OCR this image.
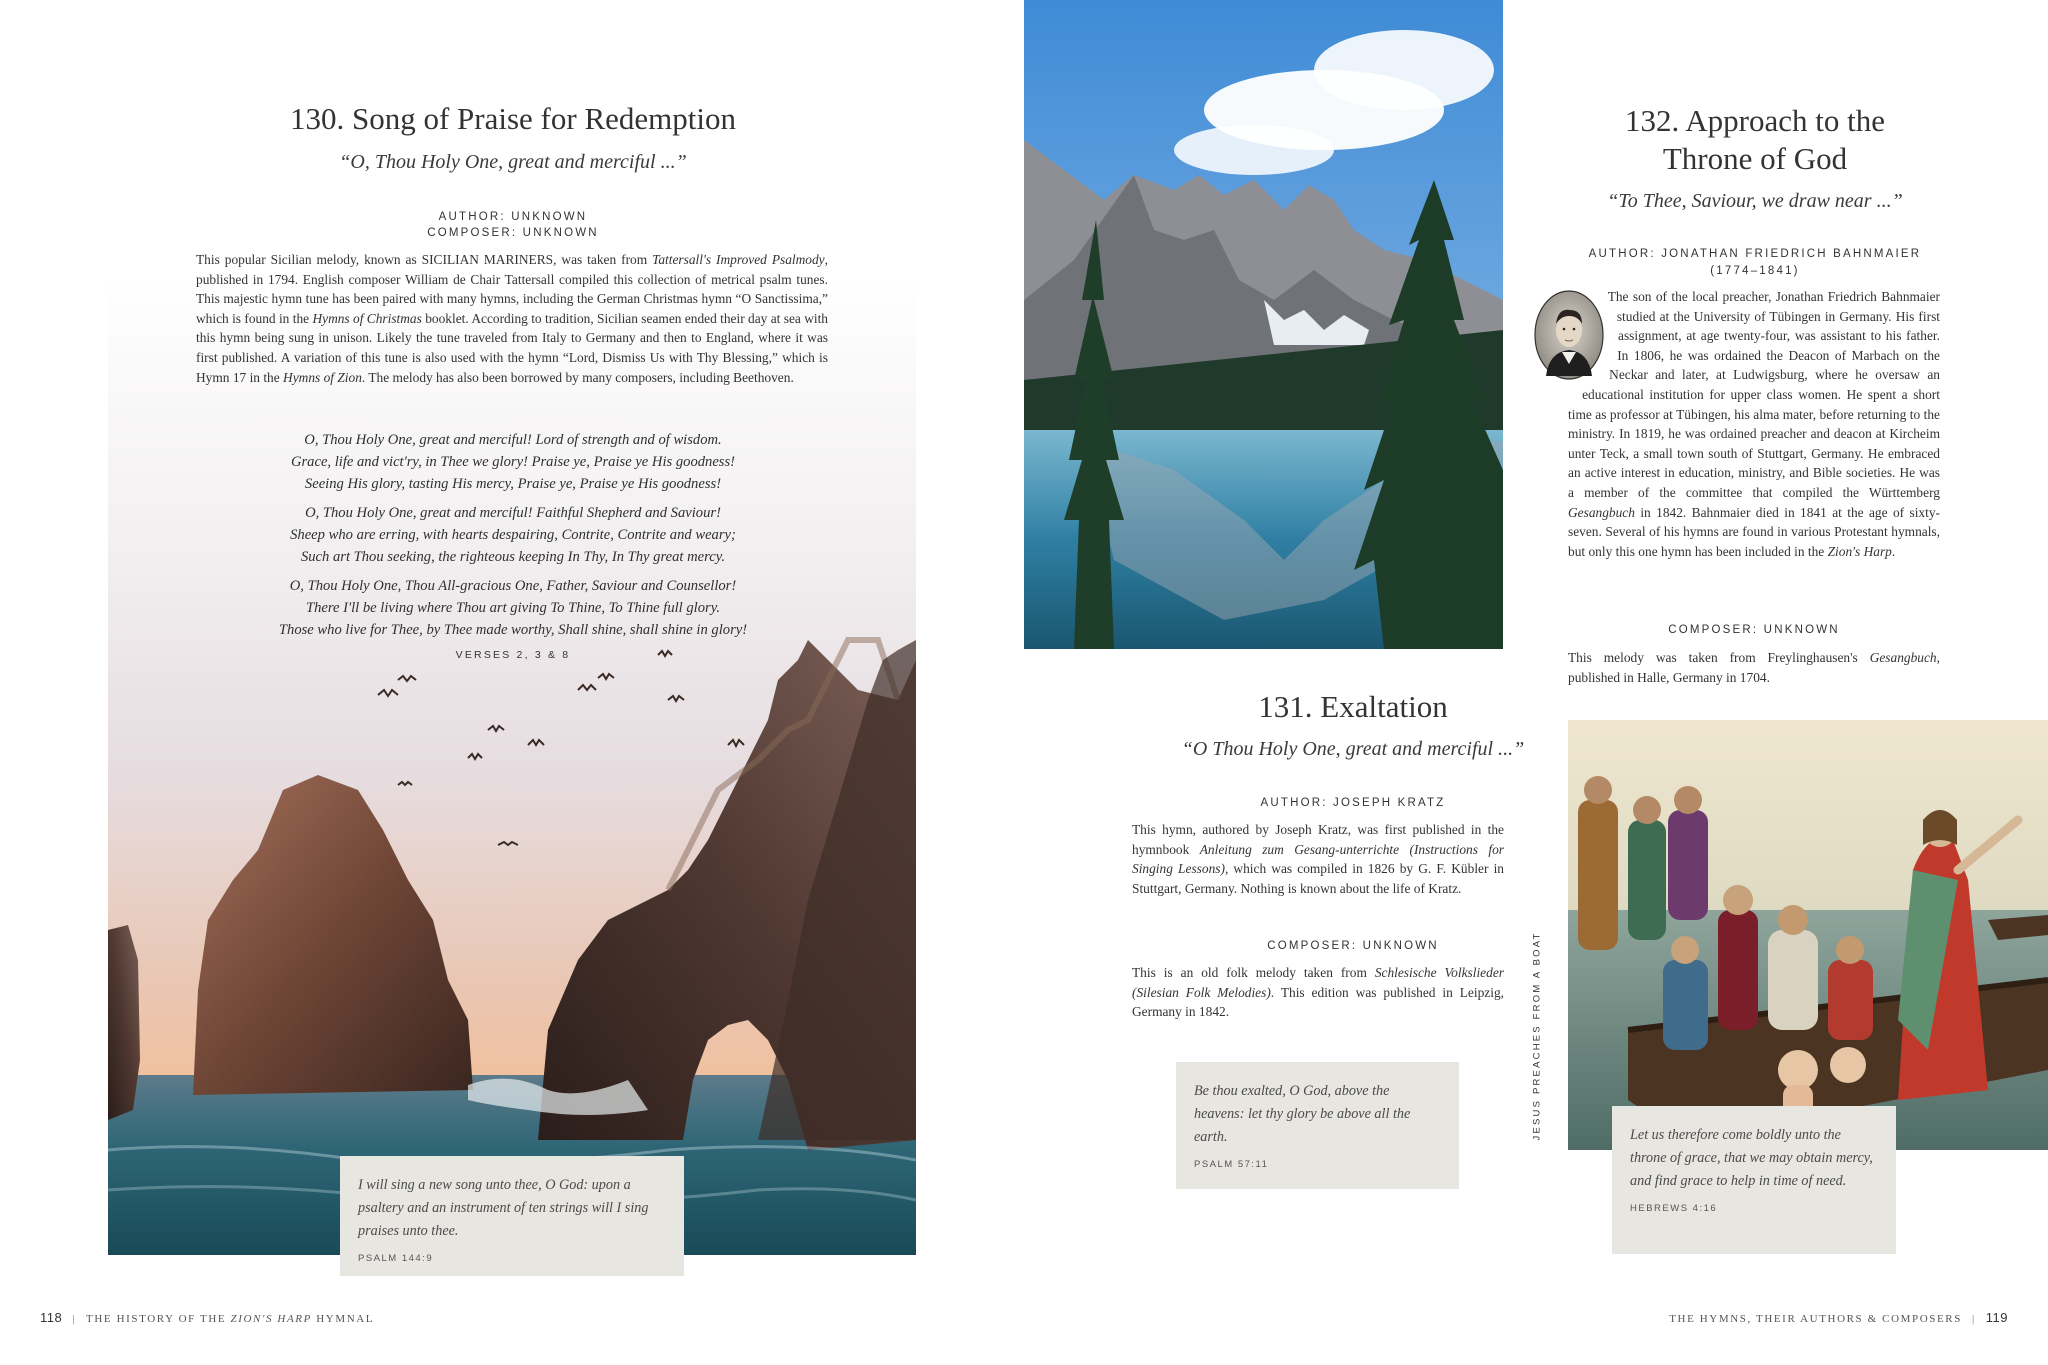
130. Song of Praise for Redemption
“O, Thou Holy One, great and merciful ...”
AUTHOR: UNKNOWN
COMPOSER: UNKNOWN
This popular Sicilian melody, known as SICILIAN MARINERS, was taken from Tattersall's Improved Psalmody, published in 1794. English composer William de Chair Tattersall compiled this collection of metrical psalm tunes. This majestic hymn tune has been paired with many hymns, including the German Christmas hymn “O Sanctissima,” which is found in the Hymns of Christmas booklet. According to tradition, Sicilian seamen ended their day at sea with this hymn being sung in unison. Likely the tune traveled from Italy to Germany and then to England, where it was first published. A variation of this tune is also used with the hymn “Lord, Dismiss Us with Thy Blessing,” which is Hymn 17 in the Hymns of Zion. The melody has also been borrowed by many composers, including Beethoven.
O, Thou Holy One, great and merciful! Lord of strength and of wisdom.
Grace, life and vict'ry, in Thee we glory! Praise ye, Praise ye His goodness!
Seeing His glory, tasting His mercy, Praise ye, Praise ye His goodness!
O, Thou Holy One, great and merciful! Faithful Shepherd and Saviour!
Sheep who are erring, with hearts despairing, Contrite, Contrite and weary;
Such art Thou seeking, the righteous keeping In Thy, In Thy great mercy.
O, Thou Holy One, Thou All-gracious One, Father, Saviour and Counsellor!
There I'll be living where Thou art giving To Thine, To Thine full glory.
Those who live for Thee, by Thee made worthy, Shall shine, shall shine in glory!
VERSES 2, 3 & 8
I will sing a new song unto thee, O God: upon a psaltery and an instrument of ten strings will I sing praises unto thee.
PSALM 144:9
118 | THE HISTORY OF THE ZION'S HARP HYMNAL
131. Exaltation
“O Thou Holy One, great and merciful ...”
AUTHOR: JOSEPH KRATZ
This hymn, authored by Joseph Kratz, was first published in the hymnbook Anleitung zum Gesang-unterrichte (Instructions for Singing Lessons), which was compiled in 1826 by G. F. Kübler in Stuttgart, Germany. Nothing is known about the life of Kratz.
COMPOSER: UNKNOWN
This is an old folk melody taken from Schlesische Volkslieder (Silesian Folk Melodies). This edition was published in Leipzig, Germany in 1842.
Be thou exalted, O God, above the heavens: let thy glory be above all the earth.
PSALM 57:11
132. Approach to the
Throne of God
“To Thee, Saviour, we draw near ...”
AUTHOR: JONATHAN FRIEDRICH BAHNMAIER
(1774–1841)
The son of the local preacher, Jonathan Friedrich Bahnmaier studied at the University of Tübingen in Germany. His first assignment, at age twenty-four, was assistant to his father. In 1806, he was ordained the Deacon of Marbach on the Neckar and later, at Ludwigsburg, where he oversaw an educational institution for upper class women. He spent a short time as professor at Tübingen, his alma mater, before returning to the ministry. In 1819, he was ordained preacher and deacon at Kircheim unter Teck, a small town south of Stuttgart, Germany. He embraced an active interest in education, ministry, and Bible societies. He was a member of the committee that compiled the Württemberg Gesangbuch in 1842. Bahnmaier died in 1841 at the age of sixty-seven. Several of his hymns are found in various Protestant hymnals, but only this one hymn has been included in the Zion's Harp.
COMPOSER: UNKNOWN
This melody was taken from Freylinghausen's Gesangbuch, published in Halle, Germany in 1704.
JESUS PREACHES FROM A BOAT	Let us therefore come boldly unto the throne of grace, that we may obtain mercy, and find grace to help in time of need.
HEBREWS 4:16
THE HYMNS, THEIR AUTHORS & COMPOSERS | 119
